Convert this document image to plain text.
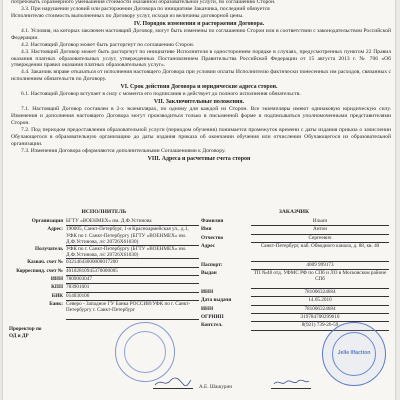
потребовать соразмерного уменьшения стоимости оказанной образовательной услуги, по соглашению Сторон.
3.3. При нарушении условий или расторжении Договора по инициативе Заказчика, последний обязуется
Исполнителю стоимость выполненных по Договору услуг, исходя из величины договорной цены.
IV. Порядок изменения и расторжения Договора.
4.1. Условия, на которых заключен настоящий Договор, могут быть изменены по соглашению Сторон или в соответствии с законодательством Российской Федерации.
4.2. Настоящий Договор может быть расторгнут по соглашению Сторон.
4.3. Настоящий Договор может быть расторгнут по инициативе Исполнителя в одностороннем порядке в случаях, предусмотренных пунктом 22 Правил оказания платных образовательных услуг, утвержденных Постановлением Правительства Российской Федерации от 15 августа 2013 г. № 706 «Об утверждении правил оказания платных образовательных услуг».
4.4. Заказчик вправе отказаться от исполнения настоящего Договора при условии оплаты Исполнителю фактически понесенных им расходов, связанных с исполнением обязательств по Договору.
VI. Срок действия Договора и юридические адреса сторон.
6.1. Настоящий Договор вступает в силу с момента его подписания и действует до полного исполнения обязательств.
VII. Заключительные положения.
7.1. Настоящий Договор составлен в 2-х экземплярах, по одному для каждой из Сторон. Все экземпляры имеют одинаковую юридическую силу. Изменения и дополнения настоящего Договора могут производиться только в письменной форме и подписываться уполномоченными представителями Сторон.
7.2. Под периодом предоставления образовательной услуги (периодом обучения) понимается промежуток времени с даты издания приказа о зачислении Обучающегося в образовательную организацию до даты издания приказа об окончании обучения или отчислении Обучающегося из образовательной организации.
7.3. Изменения Договора оформляются дополнительными Соглашениями к Договору.
VIII. Адреса и расчетные счета сторон
ИСПОЛНИТЕЛЬ
Организация БГТУ «ВОЕНМЕХ» им. Д.Ф.Устинова
Адрес: 190005, Санкт-Петербург, 1-я Красноармейская ул., д.1, УФК по г. Санкт-Петербургу (БГТУ «ВОЕНМЕХ» им. Д.Ф.Устинова, л/с 20726Х61030)
Получатель УФК по г. Санкт-Петербургу (БГТУ «ВОЕНМЕХ» им. Д.Ф.Устинова, л/с 20726Х61030)
Казнач. счет № 03214643000000017200
Корреспонд. счет № 40102810945370000005
ИНН 7809003047
КПП 783901001
БИК 014030106
Банк: Северо - Западное ГУ Банка РОССИИ/УФК по г. Санкт-Петербургу г. Санкт-Петербург
Проректор по ОД и ДР
ЗАКАЗЧИК
Фамилия	Ильин
Имя	Антон
Отчество	Сергеевич
Адрес	Санкт-Петербург, наб. Обводного канала, д. 88, кв. 40
Паспорт:	4009 999173
Выдан	ТП №48 отд. УФМС РФ по СПб и ЛО в Московском районе СПб
ИНН	781006324684
Дата выдачи	14.05.2010
ИНН	781006324684
ОГРНИП	319784700299610
Конт.тел.	8(921) 739-26-59
А.Е. Шашурин
Jelle Ilfaction
